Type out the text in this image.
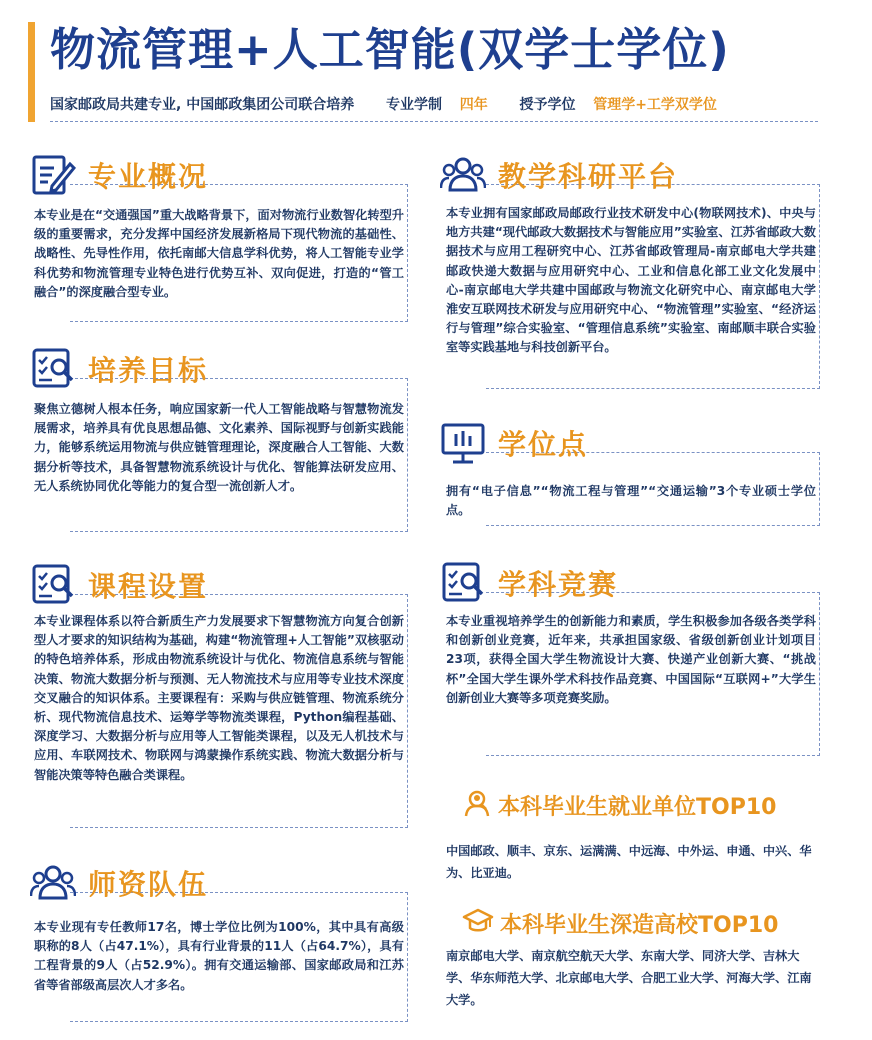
物流管理+人工智能(双学士学位)
国家邮政局共建专业, 中国邮政集团公司联合培养 专业学制 四年 授予学位 管理学+工学双学位
专业概况
本专业是在“交通强国”重大战略背景下，面对物流行业数智化转型升级的重要需求，充分发挥中国经济发展新格局下现代物流的基础性、战略性、先导性作用，依托南邮大信息学科优势，将人工智能专业学科优势和物流管理专业特色进行优势互补、双向促进，打造的“管工融合”的深度融合型专业。
培养目标
聚焦立德树人根本任务，响应国家新一代人工智能战略与智慧物流发展需求，培养具有优良思想品德、文化素养、国际视野与创新实践能力，能够系统运用物流与供应链管理理论，深度融合人工智能、大数据分析等技术，具备智慧物流系统设计与优化、智能算法研发应用、无人系统协同优化等能力的复合型一流创新人才。
课程设置
本专业课程体系以符合新质生产力发展要求下智慧物流方向复合创新型人才要求的知识结构为基础，构建“物流管理+人工智能”双核驱动的特色培养体系，形成由物流系统设计与优化、物流信息系统与智能决策、物流大数据分析与预测、无人物流技术与应用等专业技术深度交叉融合的知识体系。主要课程有：采购与供应链管理、物流系统分析、现代物流信息技术、运筹学等物流类课程，Python编程基础、深度学习、大数据分析与应用等人工智能类课程，以及无人机技术与应用、车联网技术、物联网与鸿蒙操作系统实践、物流大数据分析与智能决策等特色融合类课程。
师资队伍
本专业现有专任教师17名，博士学位比例为100%，其中具有高级职称的8人（占47.1%），具有行业背景的11人（占64.7%），具有工程背景的9人（占52.9%）。拥有交通运输部、国家邮政局和江苏省等省部级高层次人才多名。
教学科研平台
本专业拥有国家邮政局邮政行业技术研发中心(物联网技术)、中央与地方共建“现代邮政大数据技术与智能应用”实验室、江苏省邮政大数据技术与应用工程研究中心、江苏省邮政管理局-南京邮电大学共建邮政快递大数据与应用研究中心、工业和信息化部工业文化发展中心-南京邮电大学共建中国邮政与物流文化研究中心、南京邮电大学淮安互联网技术研发与应用研究中心、“物流管理”实验室、“经济运行与管理”综合实验室、“管理信息系统”实验室、南邮顺丰联合实验室等实践基地与科技创新平台。
学位点
拥有“电子信息”“物流工程与管理”“交通运输”3个专业硕士学位点。
学科竞赛
本专业重视培养学生的创新能力和素质，学生积极参加各级各类学科和创新创业竞赛，近年来，共承担国家级、省级创新创业计划项目23项，获得全国大学生物流设计大赛、快递产业创新大赛、“挑战杯”全国大学生课外学术科技作品竞赛、中国国际“互联网+”大学生创新创业大赛等多项竞赛奖励。
本科毕业生就业单位TOP10
中国邮政、顺丰、京东、运满满、中远海、中外运、申通、中兴、华为、比亚迪。
本科毕业生深造高校TOP10
南京邮电大学、南京航空航天大学、东南大学、同济大学、吉林大学、华东师范大学、北京邮电大学、合肥工业大学、河海大学、江南大学。
